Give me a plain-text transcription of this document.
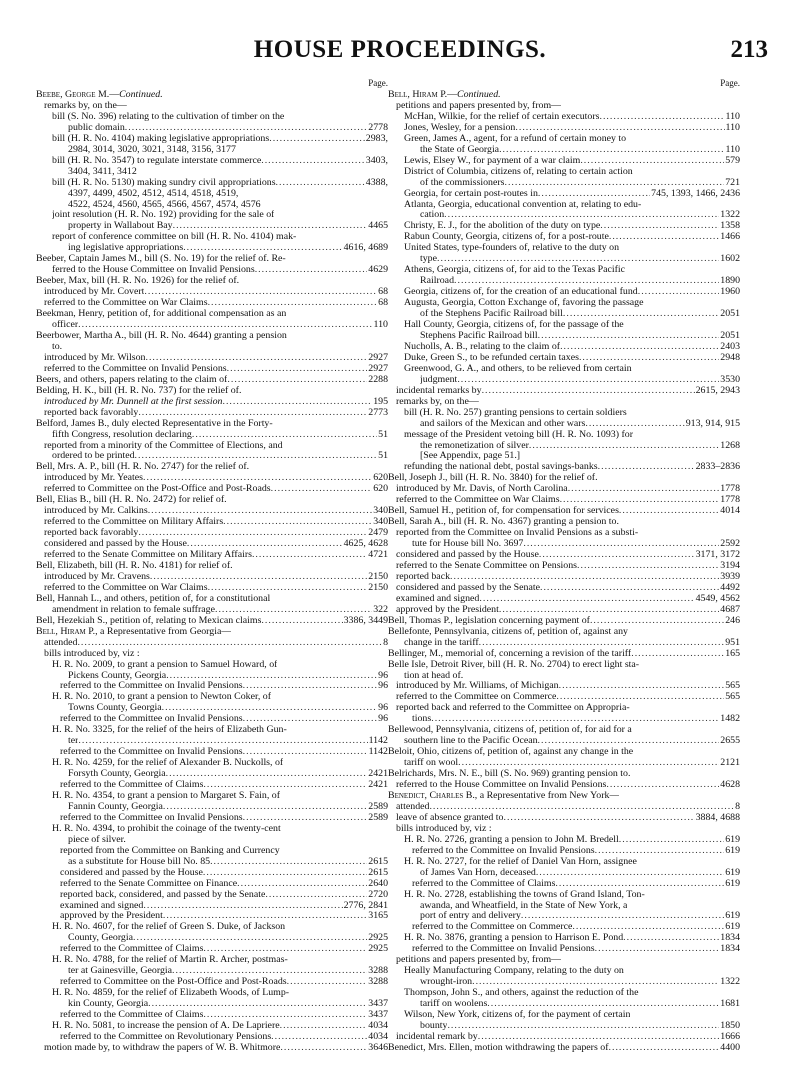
HOUSE PROCEEDINGS.	213
Page.
Beebe, George M.—Continued.
remarks by, on the—
bill (S. No. 396) relating to the cultivation of timber on the
public domain .....	2778
bill (H. R. No. 4104) making legislative appropriations .....	2983,
2984, 3014, 3020, 3021, 3148, 3156, 3177
bill (H. R. No. 3547) to regulate interstate commerce .....	3403,
3404, 3411, 3412
bill (H. R. No. 5130) making sundry civil appropriations .....	4388,
4397, 4499, 4502, 4512, 4514, 4518, 4519,
4522, 4524, 4560, 4565, 4566, 4567, 4574, 4576
joint resolution (H. R. No. 192) providing for the sale of
property in Wallabout Bay .....	4465
report of conference committee on bill (H. R. No. 4104) mak-
ing legislative appropriations .....	4616, 4689
Beeber, Captain James M., bill (S. No. 19) for the relief of. Re-
ferred to the House Committee on Invalid Pensions .....	4629
Beeber, Max, bill (H. R. No. 1926) for the relief of.
introduced by Mr. Covert .....	68
referred to the Committee on War Claims .....	68
Beekman, Henry, petition of, for additional compensation as an
officer .....	110
Beerbower, Martha A., bill (H. R. No. 4644) granting a pension
to.
introduced by Mr. Wilson .....	2927
referred to the Committee on Invalid Pensions .....	2927
Beers, and others, papers relating to the claim of .....	2288
Belding, H. K., bill (H. R. No. 737) for the relief of.
introduced by Mr. Dunnell at the first session .....	195
reported back favorably .....	2773
Belford, James B., duly elected Representative in the Forty-
fifth Congress, resolution declaring .....	51
reported from a minority of the Committee of Elections, and
ordered to be printed .....	51
Bell, Mrs. A. P., bill (H. R. No. 2747) for the relief of.
introduced by Mr. Yeates .....	620
referred to Committee on the Post-Office and Post-Roads .....	620
Bell, Elias B., bill (H. R. No. 2472) for relief of.
introduced by Mr. Calkins .....	340
referred to the Committee on Military Affairs .....	340
reported back favorably .....	2479
considered and passed by the House .....	4625, 4628
referred to the Senate Committee on Military Affairs .....	4721
Bell, Elizabeth, bill (H. R. No. 4181) for relief of.
introduced by Mr. Cravens .....	2150
referred to the Committee on War Claims .....	2150
Bell, Hannah L., and others, petition of, for a constitutional
amendment in relation to female suffrage .....	322
Bell, Hezekiah S., petition of, relating to Mexican claims .....	3386, 3449
Bell, Hiram P., a Representative from Georgia—
attended .....	8
bills introduced by, viz :
H. R. No. 2009, to grant a pension to Samuel Howard, of
Pickens County, Georgia .....	96
referred to the Committee on Invalid Pensions .....	96
H. R. No. 2010, to grant a pension to Newton Coker, of
Towns County, Georgia .....	96
referred to the Committee on Invalid Pensions .....	96
H. R. No. 3325, for the relief of the heirs of Elizabeth Gun-
ter .....	1142
referred to the Committee on Invalid Pensions .....	1142
H. R. No. 4259, for the relief of Alexander B. Nuckolls, of
Forsyth County, Georgia .....	2421
referred to the Committee of Claims .....	2421
H. R. No. 4354, to grant a pension to Margaret S. Fain, of
Fannin County, Georgia .....	2589
referred to the Committee on Invalid Pensions .....	2589
H. R. No. 4394, to prohibit the coinage of the twenty-cent
piece of silver.
reported from the Committee on Banking and Currency
as a substitute for House bill No. 85 .....	2615
considered and passed by the House .....	2615
referred to the Senate Committee on Finance .....	2640
reported back, considered, and passed by the Senate .....	2720
examined and signed .....	2776, 2841
approved by the President .....	3165
H. R. No. 4607, for the relief of Green S. Duke, of Jackson
County, Georgia .....	2925
referred to the Committee of Claims .....	2925
H. R. No. 4788, for the relief of Martin R. Archer, postmas-
ter at Gainesville, Georgia .....	3288
referred to Committee on the Post-Office and Post-Roads .....	3288
H. R. No. 4859, for the relief of Elizabeth Woods, of Lump-
kin County, Georgia .....	3437
referred to the Committee of Claims .....	3437
H. R. No. 5081, to increase the pension of A. De Lapriere .....	4034
referred to the Committee on Revolutionary Pensions .....	4034
motion made by, to withdraw the papers of W. B. Whitmore .....	3646
Page.
Bell, Hiram P.—Continued.
petitions and papers presented by, from—
McHan, Wilkie, for the relief of certain executors .....	110
Jones, Wesley, for a pension .....	110
Green, James A., agent, for a refund of certain money to
the State of Georgia .....	110
Lewis, Elsey W., for payment of a war claim .....	579
District of Columbia, citizens of, relating to certain action
of the commissioners .....	721
Georgia, for certain post-routes in .....	745, 1393, 1466, 2436
Atlanta, Georgia, educational convention at, relating to edu-
cation .....	1322
Christy, E. J., for the abolition of the duty on type .....	1358
Rabun County, Georgia, citizens of, for a post-route .....	1466
United States, type-founders of, relative to the duty on
type .....	1602
Athens, Georgia, citizens of, for aid to the Texas Pacific
Railroad .....	1890
Georgia, citizens of, for the creation of an educational fund .....	1960
Augusta, Georgia, Cotton Exchange of, favoring the passage
of the Stephens Pacific Railroad bill .....	2051
Hall County, Georgia, citizens of, for the passage of the
Stephens Pacific Railroad bill .....	2051
Nucholls, A. B., relating to the claim of .....	2403
Duke, Green S., to be refunded certain taxes .....	2948
Greenwood, G. A., and others, to be relieved from certain
judgment .....	3530
incidental remarks by .....	2615, 2943
remarks by, on the—
bill (H. R. No. 257) granting pensions to certain soldiers
and sailors of the Mexican and other wars .....	913, 914, 915
message of the President vetoing bill (H. R. No. 1093) for
the remonetization of silver .....	1268
[See Appendix, page 51.]
refunding the national debt, postal savings-banks .....	2833–2836
Bell, Joseph J., bill (H. R. No. 3840) for the relief of.
introduced by Mr. Davis, of North Carolina .....	1778
referred to the Committee on War Claims .....	1778
Bell, Samuel H., petition of, for compensation for services .....	4014
Bell, Sarah A., bill (H. R. No. 4367) granting a pension to.
reported from the Committee on Invalid Pensions as a substi-
tute for House bill No. 3697 .....	2592
considered and passed by the House .....	3171, 3172
referred to the Senate Committee on Pensions .....	3194
reported back .....	3939
considered and passed by the Senate .....	4492
examined and signed .....	4549, 4562
approved by the President .....	4687
Bell, Thomas P., legislation concerning payment of .....	246
Bellefonte, Pennsylvania, citizens of, petition of, against any
change in the tariff .....	951
Bellinger, M., memorial of, concerning a revision of the tariff .....	165
Belle Isle, Detroit River, bill (H. R. No. 2704) to erect light sta-
tion at head of.
introduced by Mr. Williams, of Michigan .....	565
referred to the Committee on Commerce .....	565
reported back and referred to the Committee on Appropria-
tions .....	1482
Bellewood, Pennsylvania, citizens of, petition of, for aid for a
southern line to the Pacific Ocean .....	2655
Beloit, Ohio, citizens of, petition of, against any change in the
tariff on wool .....	2121
Belrichards, Mrs. N. E., bill (S. No. 969) granting pension to.
referred to the House Committee on Invalid Pensions .....	4628
Benedict, Charles B., a Representative from New York—
attended .....	8
leave of absence granted to .....	3884, 4688
bills introduced by, viz :
H. R. No. 2726, granting a pension to John M. Bredell .....	619
referred to the Committee on Invalid Pensions .....	619
H. R. No. 2727, for the relief of Daniel Van Horn, assignee
of James Van Horn, deceased .....	619
referred to the Committee of Claims .....	619
H. R. No. 2728, establishing the towns of Grand Island, Ton-
awanda, and Wheatfield, in the State of New York, a
port of entry and delivery .....	619
referred to the Committee on Commerce .....	619
H. R. No. 3876, granting a pension to Harrison E. Pond .....	1834
referred to the Committee on Invalid Pensions .....	1834
petitions and papers presented by, from—
Heally Manufacturing Company, relating to the duty on
wrought-iron .....	1322
Thompson, John S., and others, against the reduction of the
tariff on woolens .....	1681
Wilson, New York, citizens of, for the payment of certain
bounty .....	1850
incidental remark by .....	1666
Benedict, Mrs. Ellen, motion withdrawing the papers of .....	4400
